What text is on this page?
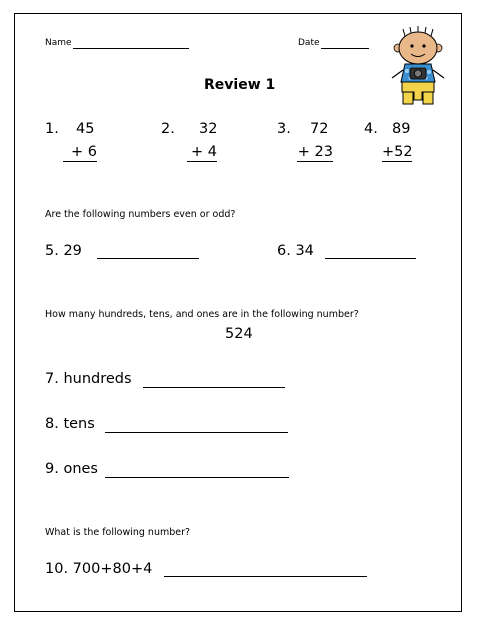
Name	Date
Review 1
1. 45
+ 6
2. 32
+ 4
3. 72
+ 23
4. 89
+52
Are the following numbers even or odd?
5. 29	6. 34
How many hundreds, tens, and ones are in the following number?
524
7. hundreds
8. tens
9. ones
What is the following number?
10. 700+80+4
